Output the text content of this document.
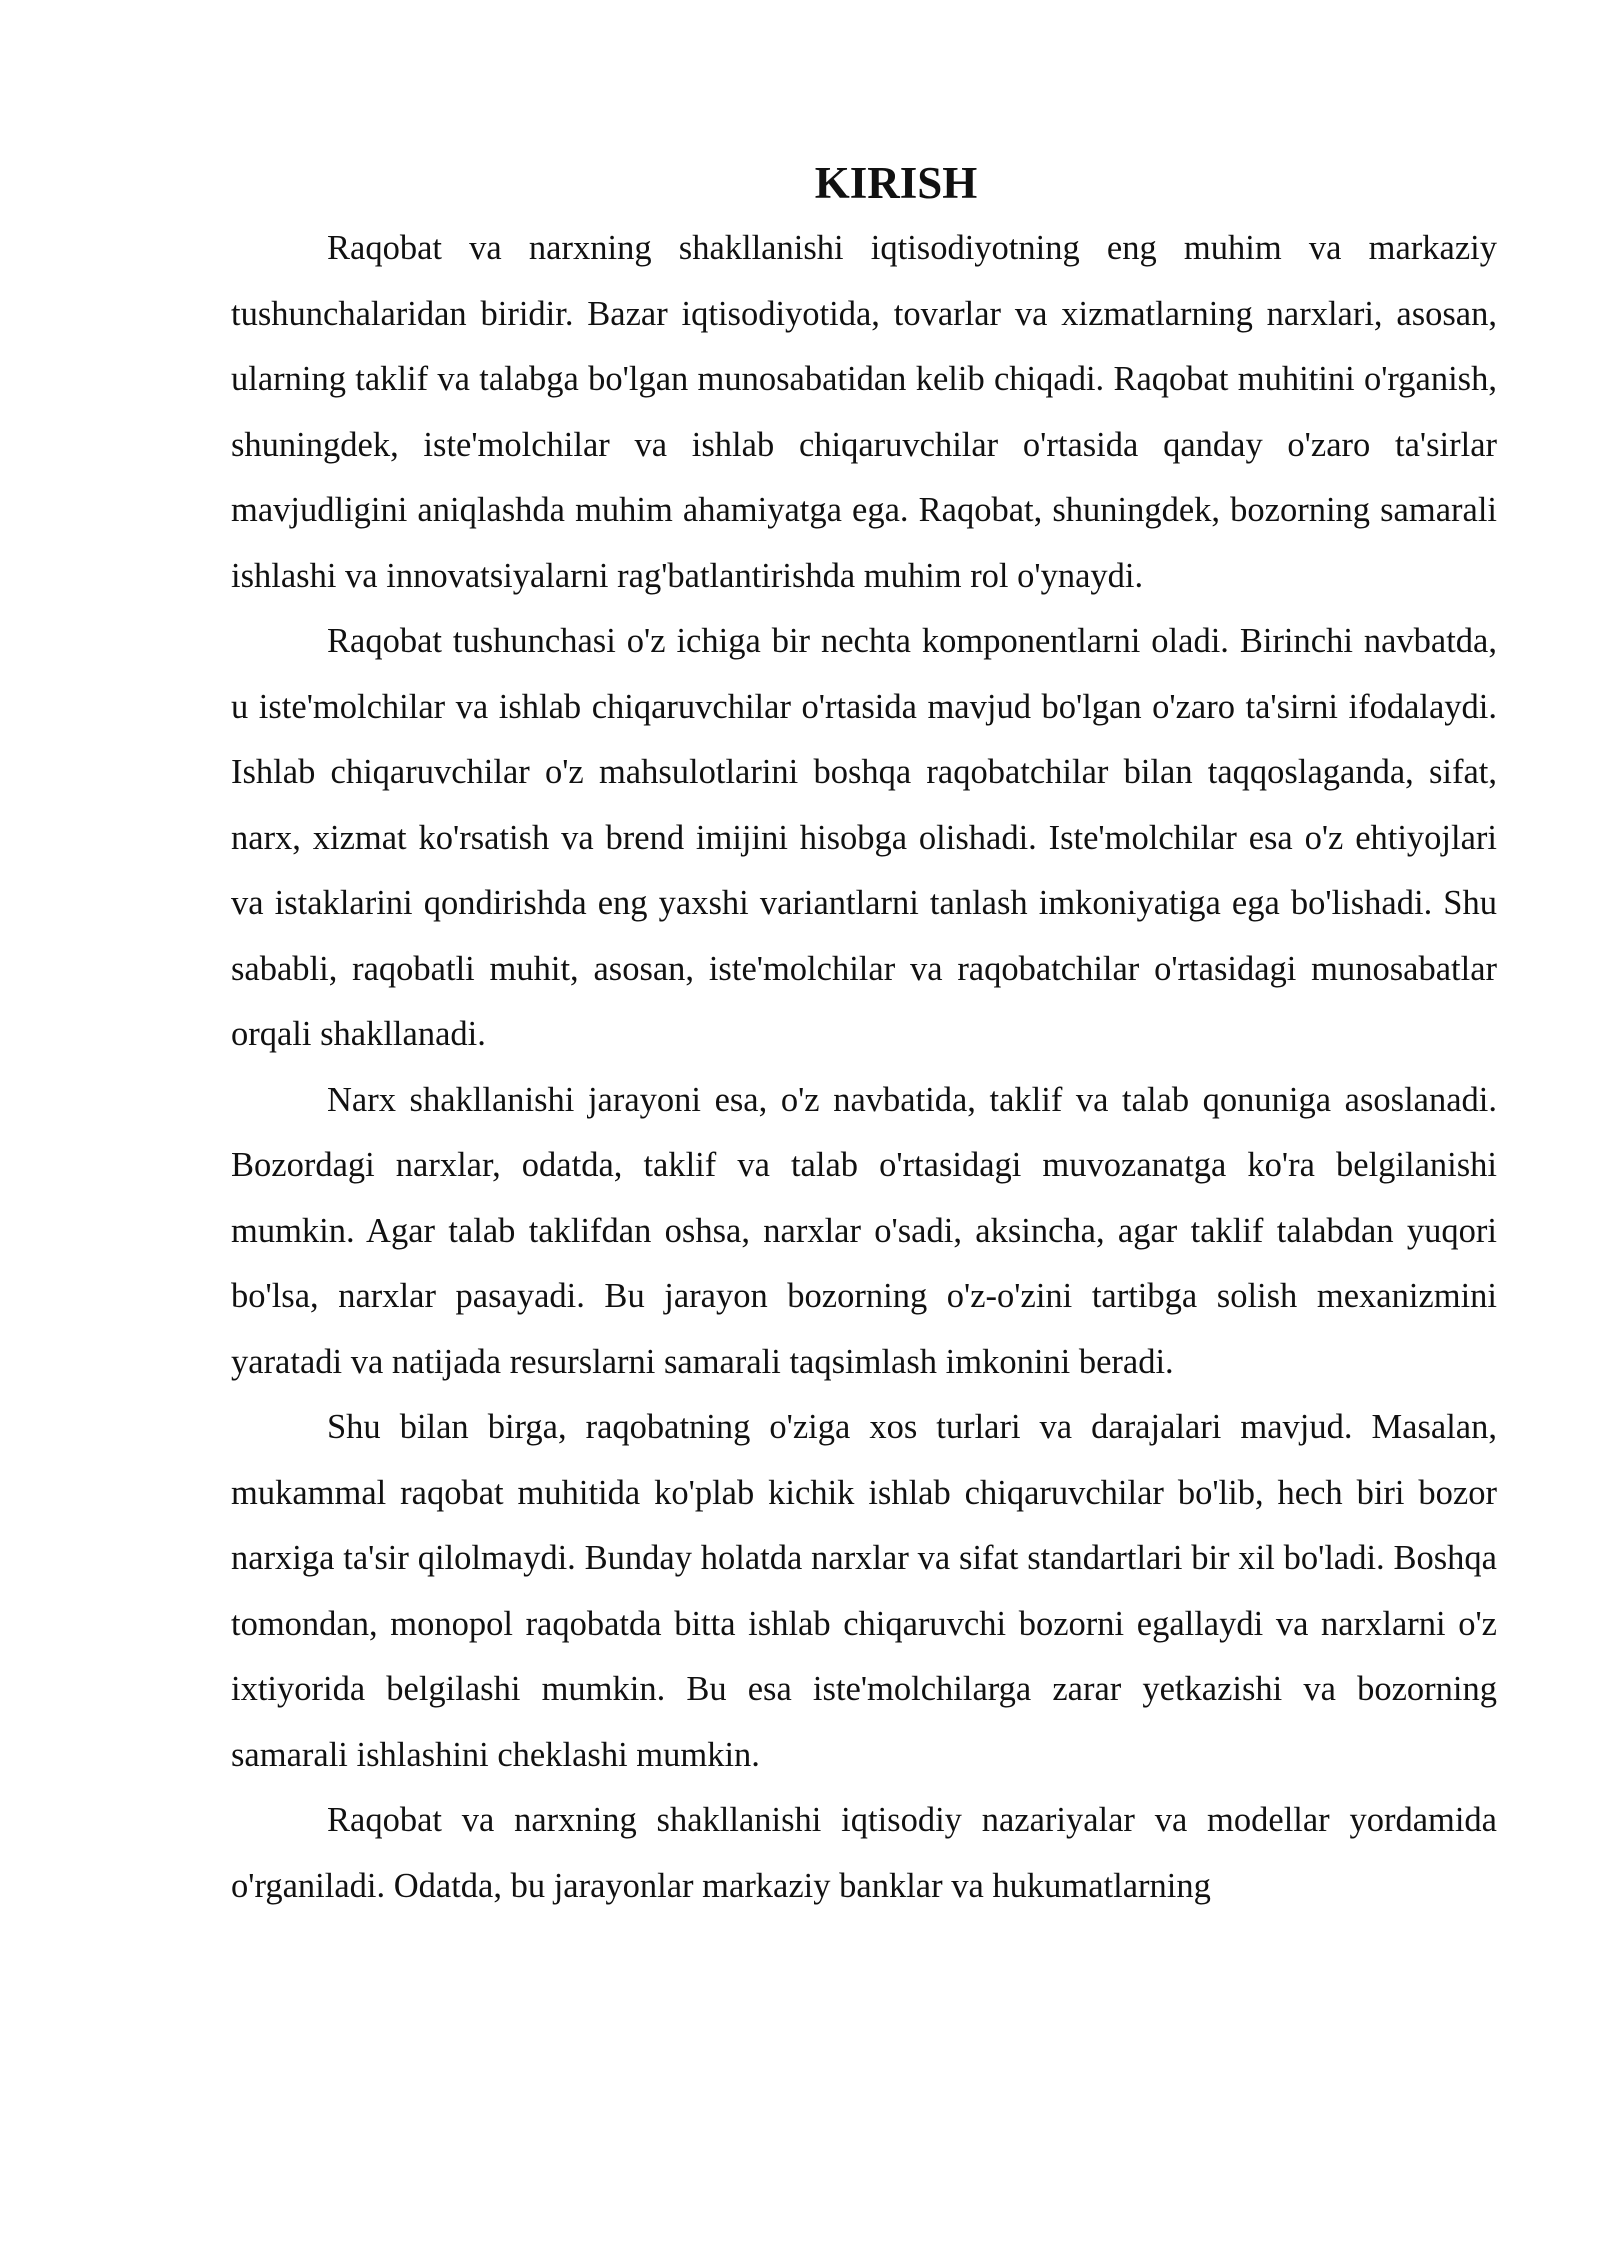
KIRISH

Raqobat va narxning shakllanishi iqtisodiyotning eng muhim va markaziy tushunchalaridan biridir. Bazar iqtisodiyotida, tovarlar va xizmatlarning narxlari, asosan, ularning taklif va talabga bo'lgan munosabatidan kelib chiqadi. Raqobat muhitini o'rganish, shuningdek, iste'molchilar va ishlab chiqaruvchilar o'rtasida qanday o'zaro ta'sirlar mavjudligini aniqlashda muhim ahamiyatga ega. Raqobat, shuningdek, bozorning samarali ishlashi va innovatsiyalarni rag'batlantirishda muhim rol o'ynaydi.

Raqobat tushunchasi o'z ichiga bir nechta komponentlarni oladi. Birinchi navbatda, u iste'molchilar va ishlab chiqaruvchilar o'rtasida mavjud bo'lgan o'zaro ta'sirni ifodalaydi. Ishlab chiqaruvchilar o'z mahsulotlarini boshqa raqobatchilar bilan taqqoslaganda, sifat, narx, xizmat ko'rsatish va brend imijini hisobga olishadi. Iste'molchilar esa o'z ehtiyojlari va istaklarini qondirishda eng yaxshi variantlarni tanlash imkoniyatiga ega bo'lishadi. Shu sababli, raqobatli muhit, asosan, iste'molchilar va raqobatchilar o'rtasidagi munosabatlar orqali shakllanadi.

Narx shakllanishi jarayoni esa, o'z navbatida, taklif va talab qonuniga asoslanadi. Bozordagi narxlar, odatda, taklif va talab o'rtasidagi muvozanatga ko'ra belgilanishi mumkin. Agar talab taklifdan oshsa, narxlar o'sadi, aksincha, agar taklif talabdan yuqori bo'lsa, narxlar pasayadi. Bu jarayon bozorning o'z-o'zini tartibga solish mexanizmini yaratadi va natijada resurslarni samarali taqsimlash imkonini beradi.

Shu bilan birga, raqobatning o'ziga xos turlari va darajalari mavjud. Masalan, mukammal raqobat muhitida ko'plab kichik ishlab chiqaruvchilar bo'lib, hech biri bozor narxiga ta'sir qilolmaydi. Bunday holatda narxlar va sifat standartlari bir xil bo'ladi. Boshqa tomondan, monopol raqobatda bitta ishlab chiqaruvchi bozorni egallaydi va narxlarni o'z ixtiyorida belgilashi mumkin. Bu esa iste'molchilarga zarar yetkazishi va bozorning samarali ishlashini cheklashi mumkin.

Raqobat va narxning shakllanishi iqtisodiy nazariyalar va modellar yordamida o'rganiladi. Odatda, bu jarayonlar markaziy banklar va hukumatlarning
